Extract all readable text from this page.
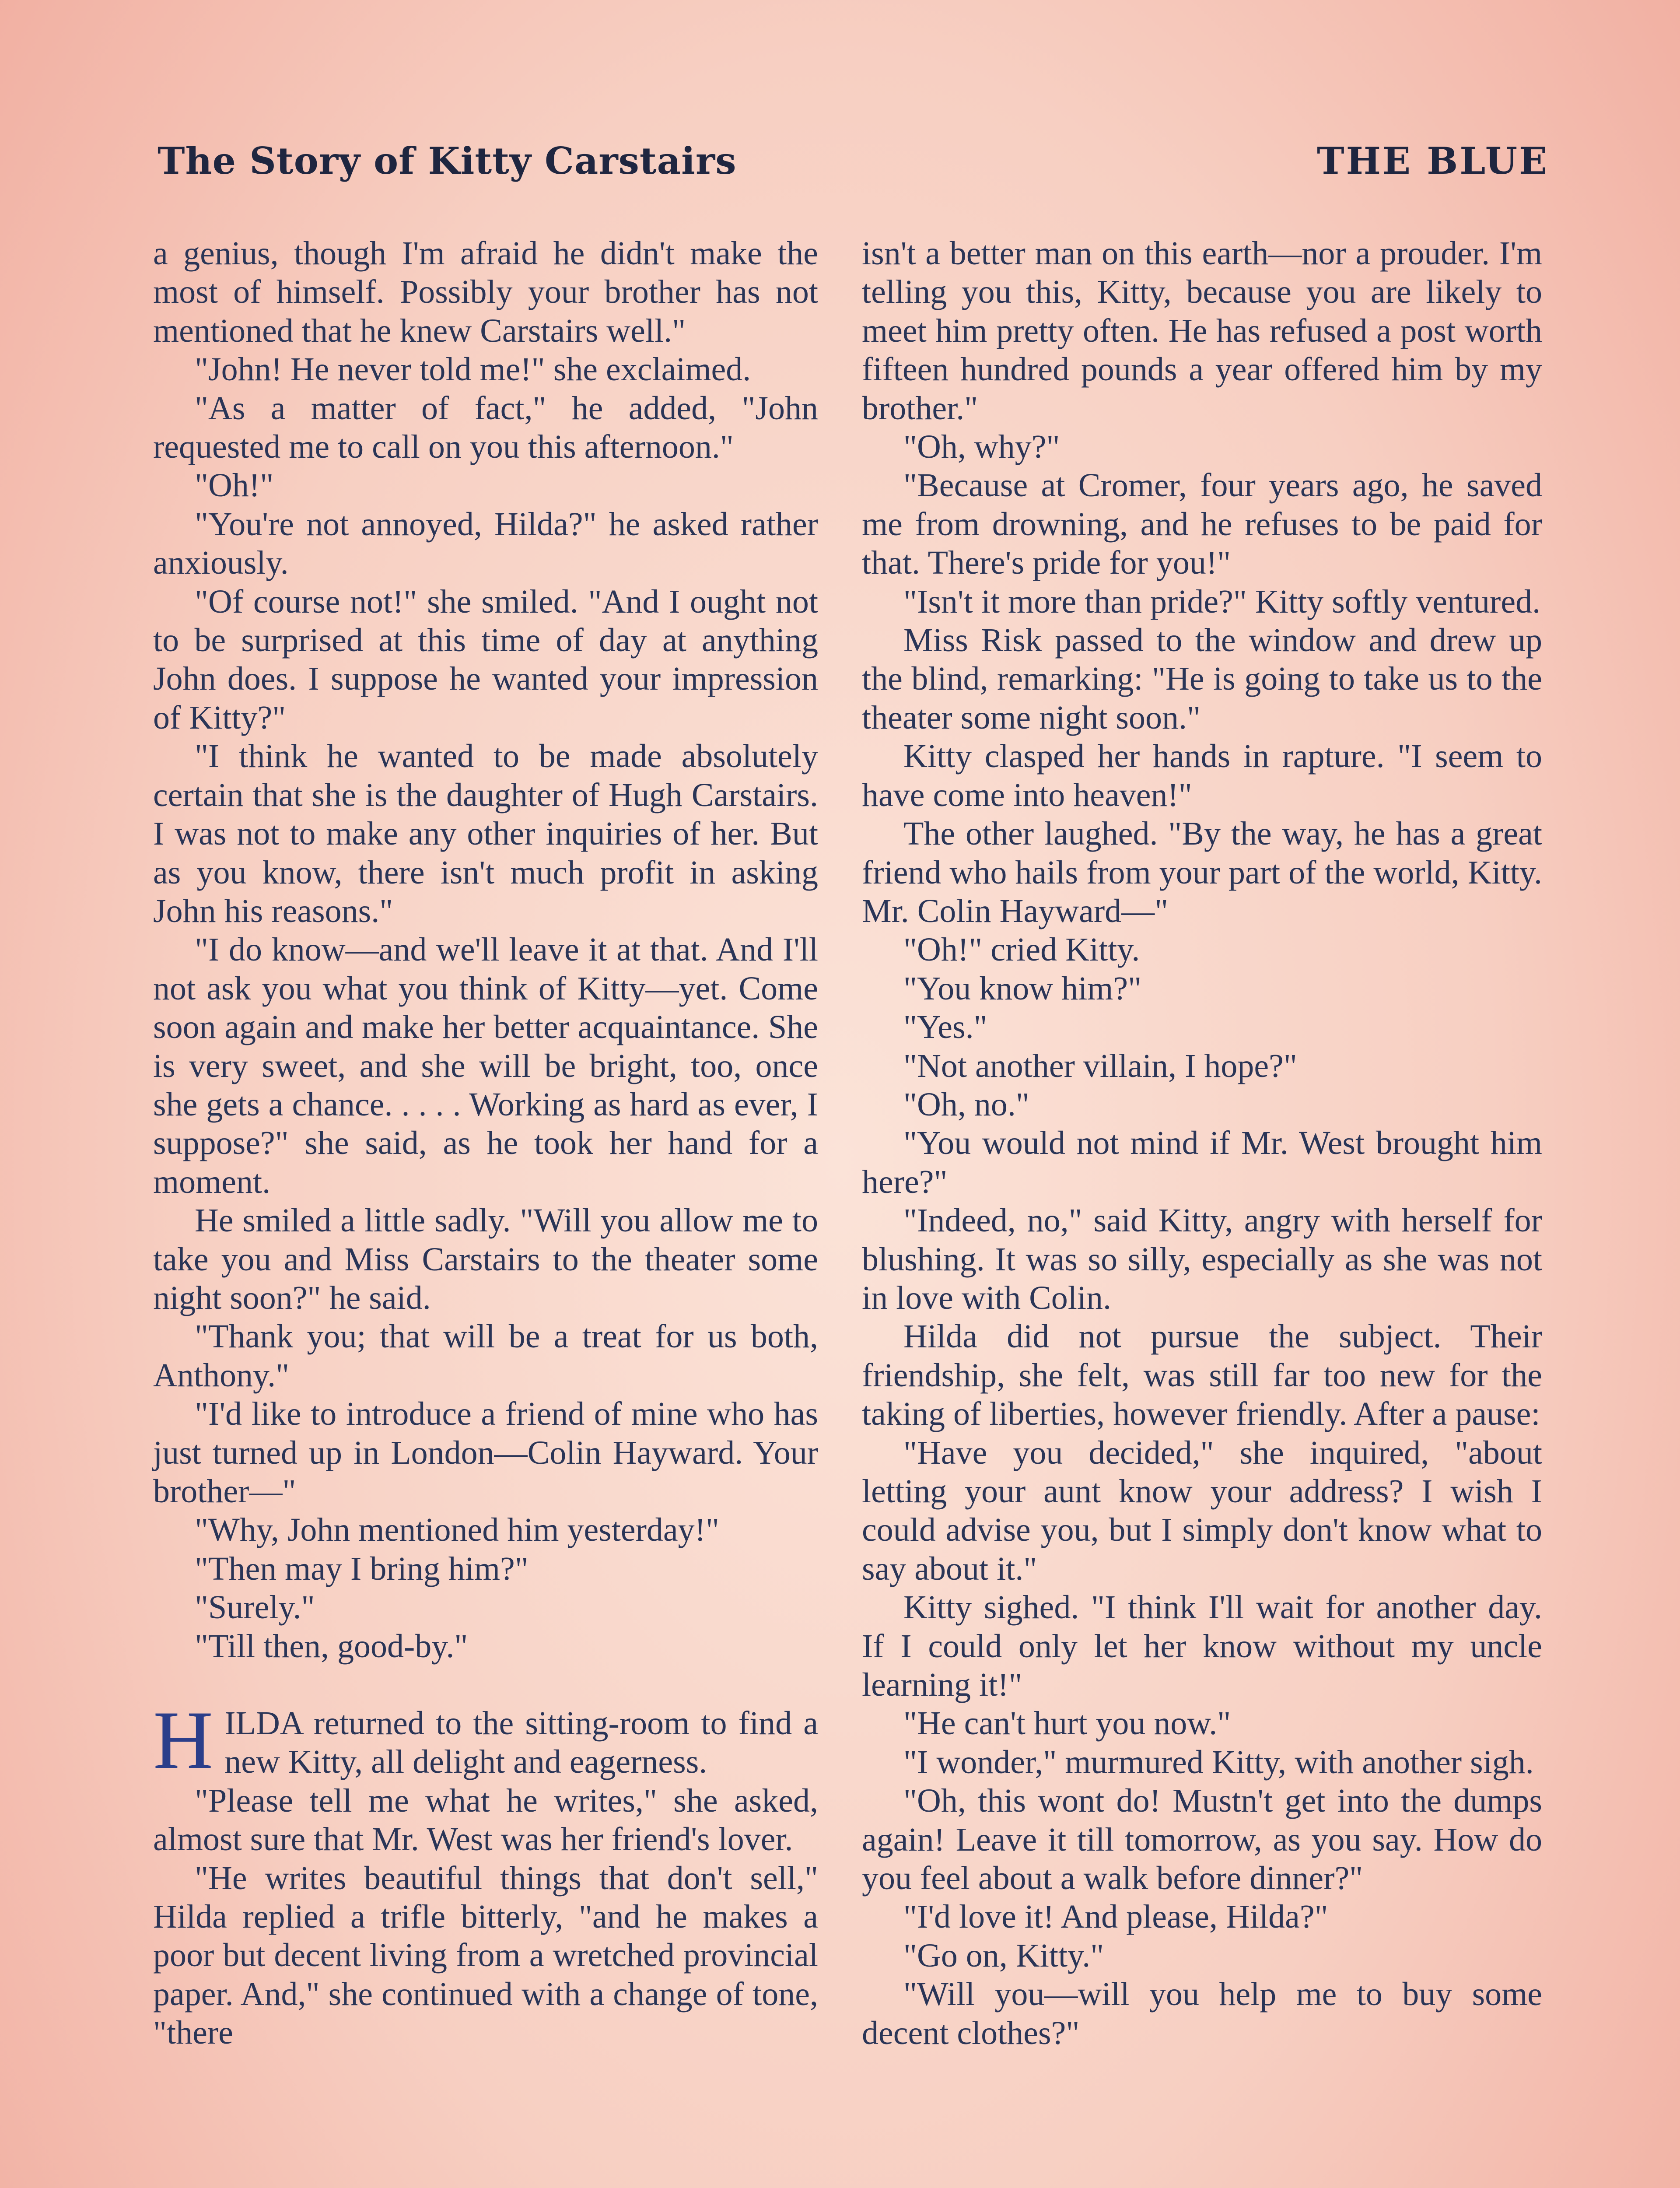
The Story of Kitty Carstairs	THE BLUE

a genius, though I'm afraid he didn't make the most of himself. Possibly your brother has not mentioned that he knew Carstairs well."

"John! He never told me!" she exclaimed.

"As a matter of fact," he added, "John requested me to call on you this afternoon."

"Oh!"

"You're not annoyed, Hilda?" he asked rather anxiously.

"Of course not!" she smiled. "And I ought not to be surprised at this time of day at anything John does. I suppose he wanted your impression of Kitty?"

"I think he wanted to be made absolutely certain that she is the daughter of Hugh Carstairs. I was not to make any other inquiries of her. But as you know, there isn't much profit in asking John his reasons."

"I do know—and we'll leave it at that. And I'll not ask you what you think of Kitty—yet. Come soon again and make her better acquaintance. She is very sweet, and she will be bright, too, once she gets a chance. . . . . Working as hard as ever, I suppose?" she said, as he took her hand for a moment.

He smiled a little sadly. "Will you allow me to take you and Miss Carstairs to the theater some night soon?" he said.

"Thank you; that will be a treat for us both, Anthony."

"I'd like to introduce a friend of mine who has just turned up in London—Colin Hayward. Your brother—"

"Why, John mentioned him yesterday!"

"Then may I bring him?"

"Surely."

"Till then, good-by."

HILDA returned to the sitting-room to find a new Kitty, all delight and eagerness.

"Please tell me what he writes," she asked, almost sure that Mr. West was her friend's lover.

"He writes beautiful things that don't sell," Hilda replied a trifle bitterly, "and he makes a poor but decent living from a wretched provincial paper. And," she continued with a change of tone, "there

isn't a better man on this earth—nor a prouder. I'm telling you this, Kitty, because you are likely to meet him pretty often. He has refused a post worth fifteen hundred pounds a year offered him by my brother."

"Oh, why?"

"Because at Cromer, four years ago, he saved me from drowning, and he refuses to be paid for that. There's pride for you!"

"Isn't it more than pride?" Kitty softly ventured.

Miss Risk passed to the window and drew up the blind, remarking: "He is going to take us to the theater some night soon."

Kitty clasped her hands in rapture. "I seem to have come into heaven!"

The other laughed. "By the way, he has a great friend who hails from your part of the world, Kitty. Mr. Colin Hayward—"

"Oh!" cried Kitty.

"You know him?"

"Yes."

"Not another villain, I hope?"

"Oh, no."

"You would not mind if Mr. West brought him here?"

"Indeed, no," said Kitty, angry with herself for blushing. It was so silly, especially as she was not in love with Colin.

Hilda did not pursue the subject. Their friendship, she felt, was still far too new for the taking of liberties, however friendly. After a pause:

"Have you decided," she inquired, "about letting your aunt know your address? I wish I could advise you, but I simply don't know what to say about it."

Kitty sighed. "I think I'll wait for another day. If I could only let her know without my uncle learning it!"

"He can't hurt you now."

"I wonder," murmured Kitty, with another sigh.

"Oh, this wont do! Mustn't get into the dumps again! Leave it till tomorrow, as you say. How do you feel about a walk before dinner?"

"I'd love it! And please, Hilda?"

"Go on, Kitty."

"Will you—will you help me to buy some decent clothes?"
